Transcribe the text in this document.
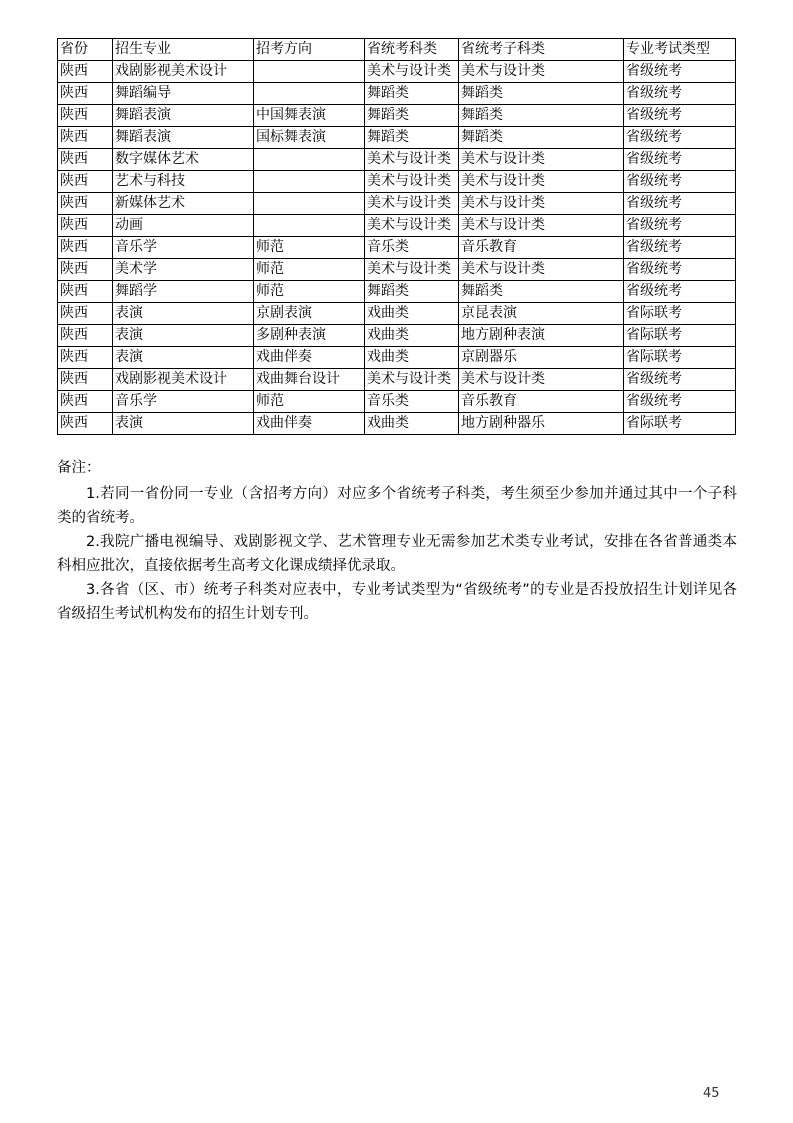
省份	招生专业	招考方向	省统考科类	省统考子科类	专业考试类型
陕西	戏剧影视美术设计		美术与设计类	美术与设计类	省级统考
陕西	舞蹈编导		舞蹈类	舞蹈类	省级统考
陕西	舞蹈表演	中国舞表演	舞蹈类	舞蹈类	省级统考
陕西	舞蹈表演	国标舞表演	舞蹈类	舞蹈类	省级统考
陕西	数字媒体艺术		美术与设计类	美术与设计类	省级统考
陕西	艺术与科技		美术与设计类	美术与设计类	省级统考
陕西	新媒体艺术		美术与设计类	美术与设计类	省级统考
陕西	动画		美术与设计类	美术与设计类	省级统考
陕西	音乐学	师范	音乐类	音乐教育	省级统考
陕西	美术学	师范	美术与设计类	美术与设计类	省级统考
陕西	舞蹈学	师范	舞蹈类	舞蹈类	省级统考
陕西	表演	京剧表演	戏曲类	京昆表演	省际联考
陕西	表演	多剧种表演	戏曲类	地方剧种表演	省际联考
陕西	表演	戏曲伴奏	戏曲类	京剧器乐	省际联考
陕西	戏剧影视美术设计	戏曲舞台设计	美术与设计类	美术与设计类	省级统考
陕西	音乐学	师范	音乐类	音乐教育	省级统考
陕西	表演	戏曲伴奏	戏曲类	地方剧种器乐	省际联考
备注：

1.若同一省份同一专业（含招考方向）对应多个省统考子科类，考生须至少参加并通过其中一个子科类的省统考。

2.我院广播电视编导、戏剧影视文学、艺术管理专业无需参加艺术类专业考试，安排在各省普通类本科相应批次，直接依据考生高考文化课成绩择优录取。

3.各省（区、市）统考子科类对应表中，专业考试类型为“省级统考”的专业是否投放招生计划详见各省级招生考试机构发布的招生计划专刊。

45
